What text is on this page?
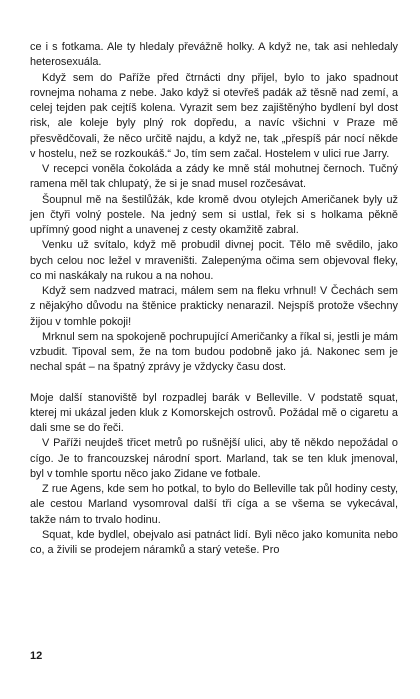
ce i s fotkama. Ale ty hledaly převážně holky. A když ne, tak asi nehledaly heterosexuála.

Když sem do Paříže před čtrnácti dny přijel, bylo to jako spadnout rovnejma nohama z nebe. Jako když si otevřeš padák až těsně nad zemí, a celej tejden pak cejtíš kolena. Vyrazit sem bez zajištěnýho bydlení byl dost risk, ale koleje byly plný rok dopředu, a navíc všichni v Praze mě přesvědčovali, že něco určitě najdu, a když ne, tak „přespíš pár nocí někde v hostelu, než se rozkoukáš.“ Jo, tím sem začal. Hostelem v ulici rue Jarry.

V recepci voněla čokoláda a zády ke mně stál mohutnej černoch. Tučný ramena měl tak chlupatý, že si je snad musel rozčesávat.

Šoupnul mě na šestilůžák, kde kromě dvou otylejch Američanek byly už jen čtyři volný postele. Na jedný sem si ustlal, řek si s holkama pěkně upřímný good night a unavenej z cesty okamžitě zabral.

Venku už svítalo, když mě probudil divnej pocit. Tělo mě svědilo, jako bych celou noc ležel v mraveništi. Zalepenýma očima sem objevoval fleky, co mi naskákaly na rukou a na nohou.

Když sem nadzved matraci, málem sem na fleku vrhnul! V Čechách sem z nějakýho důvodu na štěnice prakticky nenarazil. Nejspíš protože všechny žijou v tomhle pokoji!

Mrknul sem na spokojeně pochrupující Američanky a říkal si, jestli je mám vzbudit. Tipoval sem, že na tom budou podobně jako já. Nakonec sem je nechal spát – na špatný zprávy je vždycky času dost.

Moje další stanoviště byl rozpadlej barák v Belleville. V podstatě squat, kterej mi ukázal jeden kluk z Komorskejch ostrovů. Požádal mě o cigaretu a dali sme se do řeči.

V Paříži neujdeš třicet metrů po rušnější ulici, aby tě někdo nepožádal o cígo. Je to francouzskej národní sport. Marland, tak se ten kluk jmenoval, byl v tomhle sportu něco jako Zidane ve fotbale.

Z rue Agens, kde sem ho potkal, to bylo do Belleville tak půl hodiny cesty, ale cestou Marland vysomroval další tři cíga a se všema se vykecával, takže nám to trvalo hodinu.

Squat, kde bydlel, obejvalo asi patnáct lidí. Byli něco jako komunita nebo co, a živili se prodejem náramků a starý veteše. Pro

12
